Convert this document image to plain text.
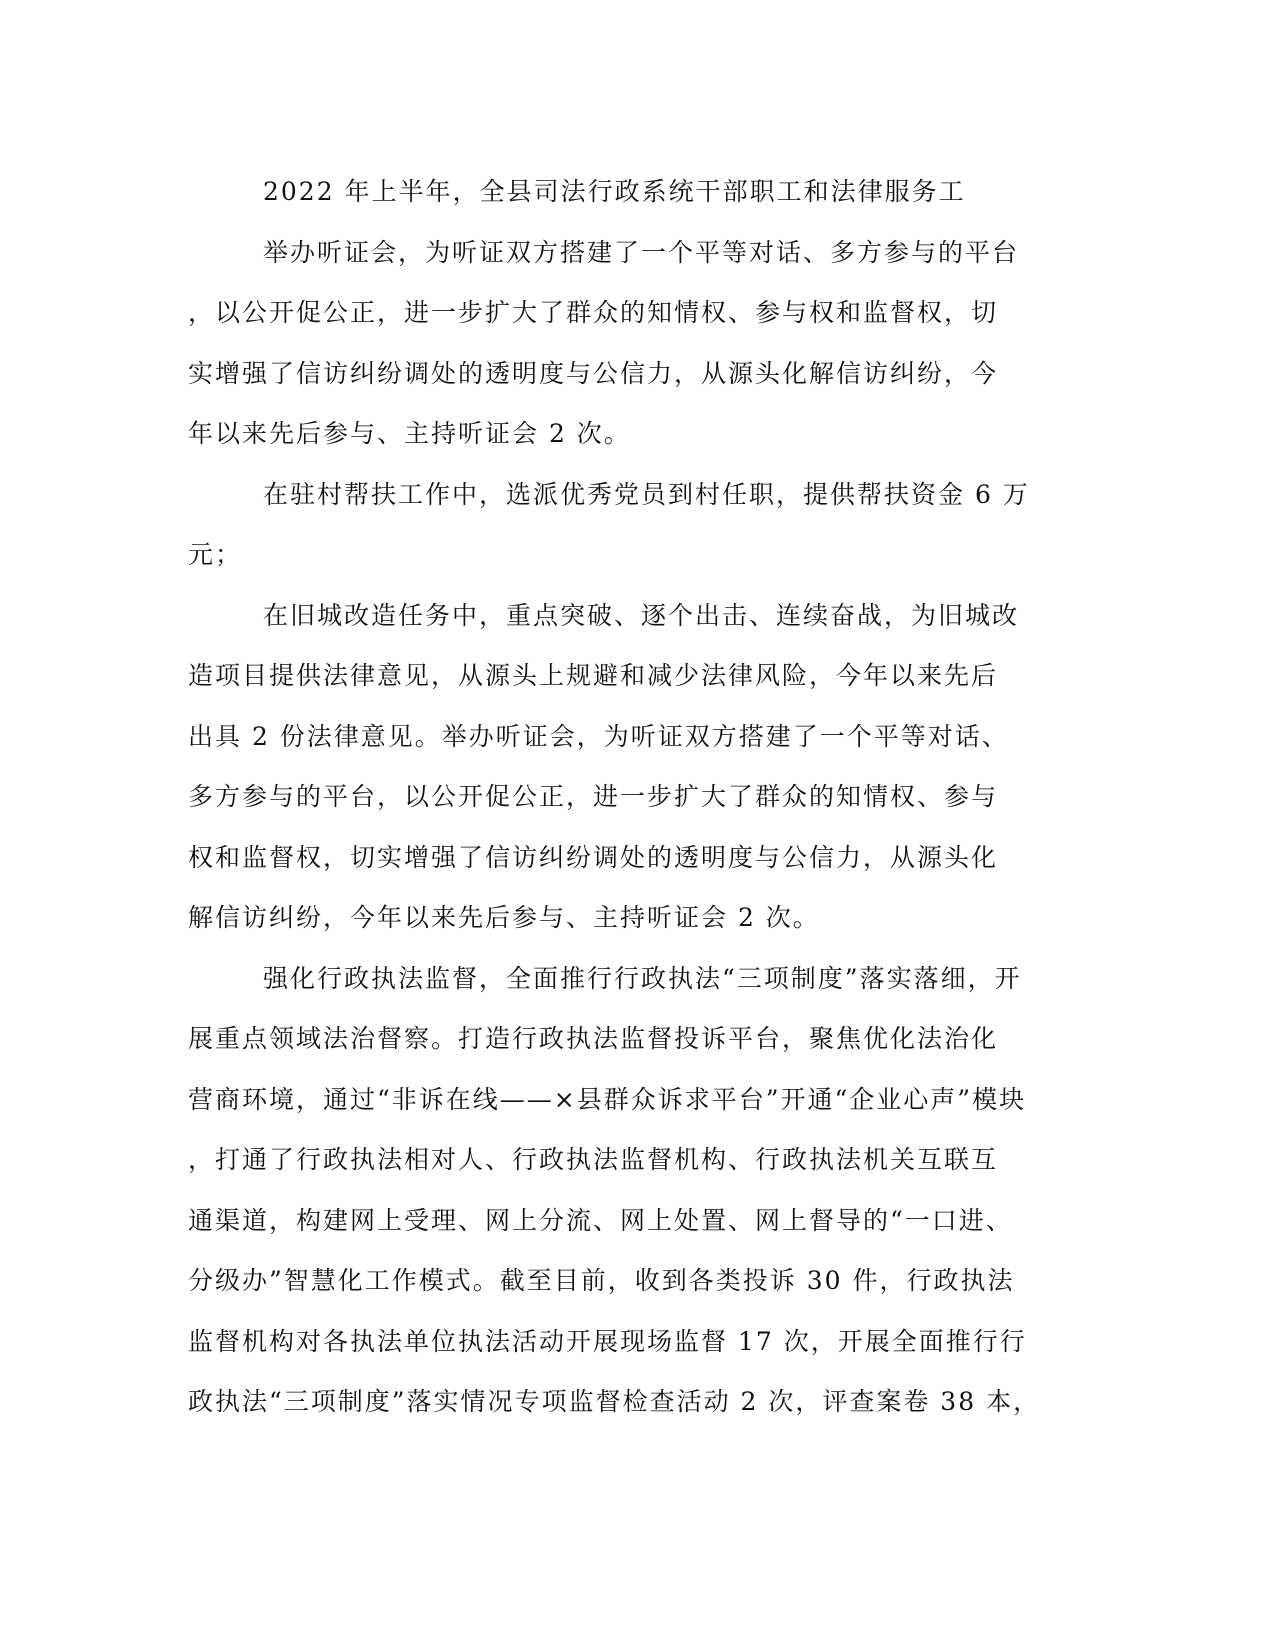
2022 年上半年，全县司法行政系统干部职工和法律服务工

举办听证会，为听证双方搭建了一个平等对话、多方参与的平台
，以公开促公正，进一步扩大了群众的知情权、参与权和监督权，切
实增强了信访纠纷调处的透明度与公信力，从源头化解信访纠纷，今
年以来先后参与、主持听证会 2 次。

在驻村帮扶工作中，选派优秀党员到村任职，提供帮扶资金 6 万
元；

在旧城改造任务中，重点突破、逐个出击、连续奋战，为旧城改
造项目提供法律意见，从源头上规避和减少法律风险，今年以来先后
出具 2 份法律意见。举办听证会，为听证双方搭建了一个平等对话、
多方参与的平台，以公开促公正，进一步扩大了群众的知情权、参与
权和监督权，切实增强了信访纠纷调处的透明度与公信力，从源头化
解信访纠纷，今年以来先后参与、主持听证会 2 次。

强化行政执法监督，全面推行行政执法“三项制度”落实落细，开
展重点领域法治督察。打造行政执法监督投诉平台，聚焦优化法治化
营商环境，通过“非诉在线——×县群众诉求平台”开通“企业心声”模块
，打通了行政执法相对人、行政执法监督机构、行政执法机关互联互
通渠道，构建网上受理、网上分流、网上处置、网上督导的“一口进、
分级办”智慧化工作模式。截至目前，收到各类投诉 30 件，行政执法
监督机构对各执法单位执法活动开展现场监督 17 次，开展全面推行行
政执法“三项制度”落实情况专项监督检查活动 2 次，评查案卷 38 本，
